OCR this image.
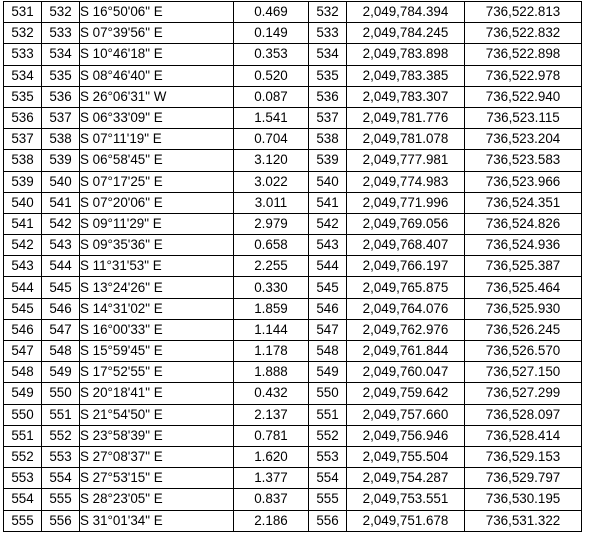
531	532	S 16°50'06" E	0.469	532	2,049,784.394	736,522.813
532	533	S 07°39'56" E	0.149	533	2,049,784.245	736,522.832
533	534	S 10°46'18" E	0.353	534	2,049,783.898	736,522.898
534	535	S 08°46'40" E	0.520	535	2,049,783.385	736,522.978
535	536	S 26°06'31" W	0.087	536	2,049,783.307	736,522.940
536	537	S 06°33'09" E	1.541	537	2,049,781.776	736,523.115
537	538	S 07°11'19" E	0.704	538	2,049,781.078	736,523.204
538	539	S 06°58'45" E	3.120	539	2,049,777.981	736,523.583
539	540	S 07°17'25" E	3.022	540	2,049,774.983	736,523.966
540	541	S 07°20'06" E	3.011	541	2,049,771.996	736,524.351
541	542	S 09°11'29" E	2.979	542	2,049,769.056	736,524.826
542	543	S 09°35'36" E	0.658	543	2,049,768.407	736,524.936
543	544	S 11°31'53" E	2.255	544	2,049,766.197	736,525.387
544	545	S 13°24'26" E	0.330	545	2,049,765.875	736,525.464
545	546	S 14°31'02" E	1.859	546	2,049,764.076	736,525.930
546	547	S 16°00'33" E	1.144	547	2,049,762.976	736,526.245
547	548	S 15°59'45" E	1.178	548	2,049,761.844	736,526.570
548	549	S 17°52'55" E	1.888	549	2,049,760.047	736,527.150
549	550	S 20°18'41" E	0.432	550	2,049,759.642	736,527.299
550	551	S 21°54'50" E	2.137	551	2,049,757.660	736,528.097
551	552	S 23°58'39" E	0.781	552	2,049,756.946	736,528.414
552	553	S 27°08'37" E	1.620	553	2,049,755.504	736,529.153
553	554	S 27°53'15" E	1.377	554	2,049,754.287	736,529.797
554	555	S 28°23'05" E	0.837	555	2,049,753.551	736,530.195
555	556	S 31°01'34" E	2.186	556	2,049,751.678	736,531.322
